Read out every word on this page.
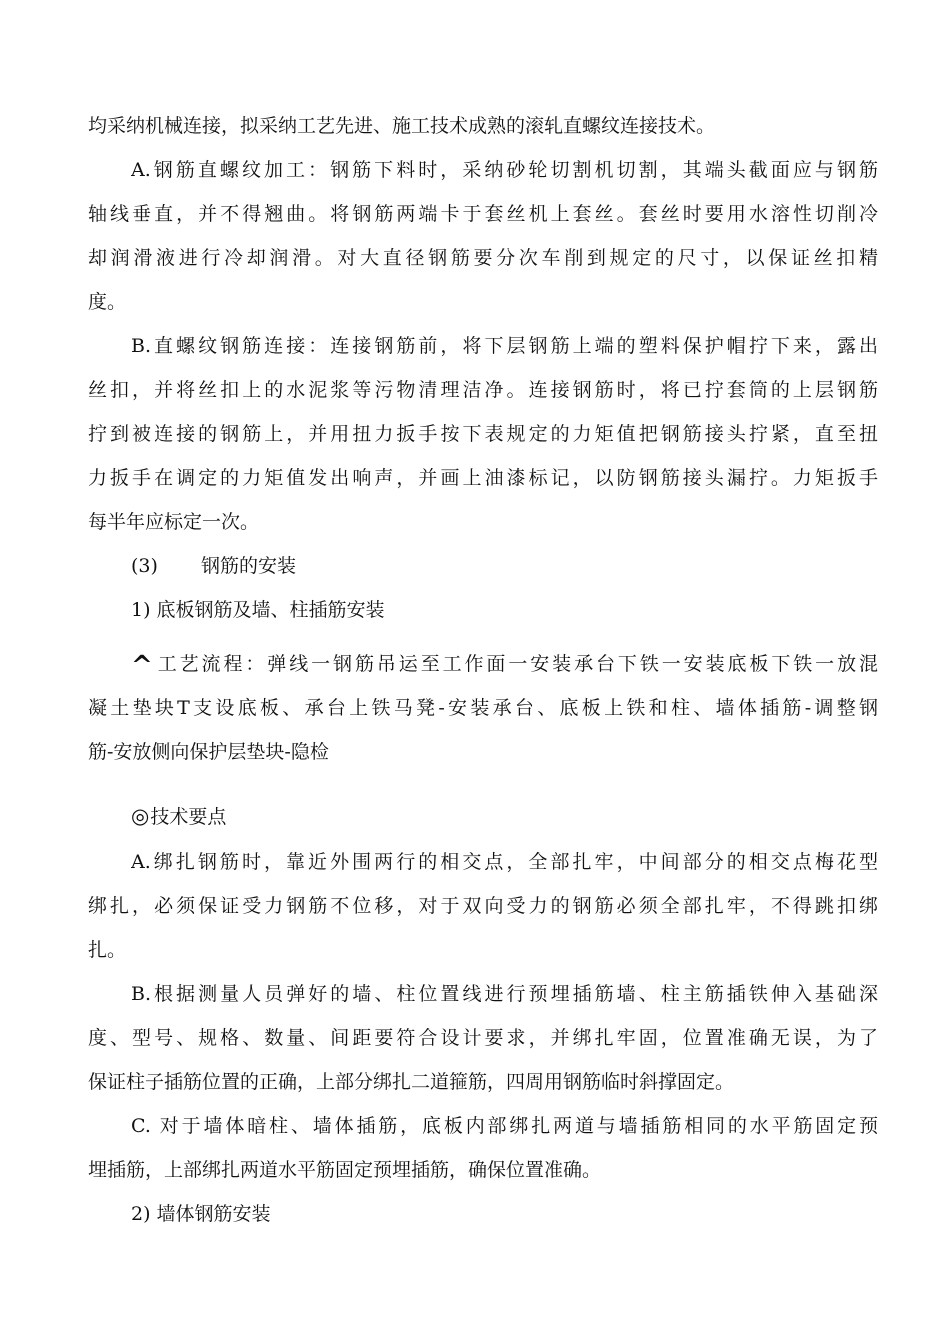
均采纳机械连接，拟采纳工艺先进、施工技术成熟的滚轧直螺纹连接技术。
A.钢筋直螺纹加工：钢筋下料时，采纳砂轮切割机切割，其端头截面应与钢筋
轴线垂直，并不得翘曲。将钢筋两端卡于套丝机上套丝。套丝时要用水溶性切削冷
却润滑液进行冷却润滑。对大直径钢筋要分次车削到规定的尺寸，以保证丝扣精
度。
B.直螺纹钢筋连接：连接钢筋前，将下层钢筋上端的塑料保护帽拧下来，露出
丝扣，并将丝扣上的水泥浆等污物清理洁净。连接钢筋时，将已拧套筒的上层钢筋
拧到被连接的钢筋上，并用扭力扳手按下表规定的力矩值把钢筋接头拧紧，直至扭
力扳手在调定的力矩值发出响声，并画上油漆标记，以防钢筋接头漏拧。力矩扳手
每半年应标定一次。
(3) 钢筋的安装
1) 底板钢筋及墙、柱插筋安装
^ 工艺流程：弹线一钢筋吊运至工作面一安装承台下铁一安装底板下铁一放混
凝土垫块T支设底板、承台上铁马凳-安装承台、底板上铁和柱、墙体插筋-调整钢
筋-安放侧向保护层垫块-隐检
◎技术要点
A.绑扎钢筋时，靠近外围两行的相交点，全部扎牢，中间部分的相交点梅花型
绑扎，必须保证受力钢筋不位移，对于双向受力的钢筋必须全部扎牢，不得跳扣绑
扎。
B.根据测量人员弹好的墙、柱位置线进行预埋插筋墙、柱主筋插铁伸入基础深
度、型号、规格、数量、间距要符合设计要求，并绑扎牢固，位置准确无误，为了
保证柱子插筋位置的正确，上部分绑扎二道箍筋，四周用钢筋临时斜撑固定。
C. 对于墙体暗柱、墙体插筋，底板内部绑扎两道与墙插筋相同的水平筋固定预
埋插筋，上部绑扎两道水平筋固定预埋插筋，确保位置准确。
2) 墙体钢筋安装
